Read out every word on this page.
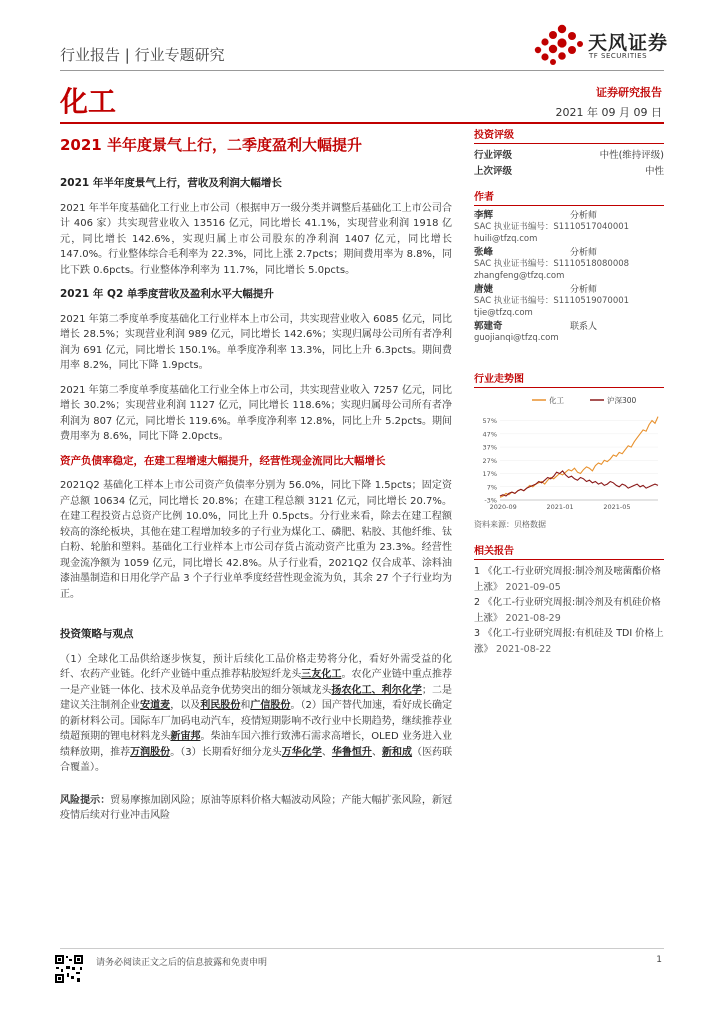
行业报告 | 行业专题研究
天风证券
TF SECURITIES
化工	证券研究报告
2021 年 09 月 09 日
2021 半年度景气上行，二季度盈利大幅提升
2021 年半年度景气上行，营收及利润大幅增长

2021 年半年度基础化工行业上市公司（根据申万一级分类并调整后基础化工上市公司合计 406 家）共实现营业收入 13516 亿元，同比增长 41.1%，实现营业利润 1918 亿元，同比增长 142.6%，实现归属上市公司股东的净利润 1407 亿元，同比增长 147.0%。行业整体综合毛利率为 22.3%，同比上涨 2.7pcts；期间费用率为 8.8%，同比下跌 0.6pcts。行业整体净利率为 11.7%，同比增长 5.0pcts。

2021 年 Q2 单季度营收及盈利水平大幅提升

2021 年第二季度单季度基础化工行业样本上市公司，共实现营业收入 6085 亿元，同比增长 28.5%；实现营业利润 989 亿元，同比增长 142.6%；实现归属母公司所有者净利润为 691 亿元，同比增长 150.1%。单季度净利率 13.3%，同比上升 6.3pcts。期间费用率 8.2%，同比下降 1.9pcts。

2021 年第二季度单季度基础化工行业全体上市公司，共实现营业收入 7257 亿元，同比增长 30.2%；实现营业利润 1127 亿元，同比增长 118.6%；实现归属母公司所有者净利润为 807 亿元，同比增长 119.6%。单季度净利率 12.8%，同比上升 5.2pcts。期间费用率为 8.6%，同比下降 2.0pcts。

资产负债率稳定，在建工程增速大幅提升，经营性现金流同比大幅增长

2021Q2 基础化工样本上市公司资产负债率分别为 56.0%，同比下降 1.5pcts；固定资产总额 10634 亿元，同比增长 20.8%；在建工程总额 3121 亿元，同比增长 20.7%。在建工程投资占总资产比例 10.0%，同比上升 0.5pcts。分行业来看，除去在建工程额较高的涤纶板块，其他在建工程增加较多的子行业为煤化工、磷肥、粘胶、其他纤维、钛白粉、轮胎和塑料。基础化工行业样本上市公司存货占流动资产比重为 23.3%。经营性现金流净额为 1059 亿元，同比增长 42.8%。从子行业看，2021Q2 仅合成革、涂料油漆油墨制造和日用化学产品 3 个子行业单季度经营性现金流为负，其余 27 个子行业均为正。

投资策略与观点

（1）全球化工品供给逐步恢复，预计后续化工品价格走势将分化，看好外需受益的化纤、农药产业链。化纤产业链中重点推荐粘胶短纤龙头三友化工。农化产业链中重点推荐一是产业链一体化、技术及单品竞争优势突出的细分领域龙头扬农化工、利尔化学；二是建议关注制剂企业安道麦，以及利民股份和广信股份。（2）国产替代加速，看好成长确定的新材料公司。国际车厂加码电动汽车，疫情短期影响不改行业中长期趋势，继续推荐业绩超预期的锂电材料龙头新宙邦。柴油车国六推行致沸石需求高增长，OLED 业务进入业绩释放期，推荐万润股份。（3）长期看好细分龙头万华化学、华鲁恒升、新和成（医药联合覆盖）。

风险提示：贸易摩擦加剧风险；原油等原料价格大幅波动风险；产能大幅扩张风险，新冠疫情后续对行业冲击风险

投资评级
行业评级	中性(维持评级)
上次评级	中性
作者
李辉	分析师
SAC 执业证书编号：S1110517040001
huili@tfzq.com
张峰	分析师
SAC 执业证书编号：S1110518080008
zhangfeng@tfzq.com
唐婕	分析师
SAC 执业证书编号：S1110519070001
tjie@tfzq.com
郭建奇	联系人
guojianqi@tfzq.com
行业走势图
化工	沪深300
-3%
7%
17%
27%
37%
47%
57%
2020-09	2021-01	2021-05
资料来源：贝格数据
相关报告

1 《化工-行业研究周报:制冷剂及嘧菌酯价格上涨》 2021-09-05

2 《化工-行业研究周报:制冷剂及有机硅价格上涨》 2021-08-29

3 《化工-行业研究周报:有机硅及 TDI 价格上涨》 2021-08-22

请务必阅读正文之后的信息披露和免责申明	1
